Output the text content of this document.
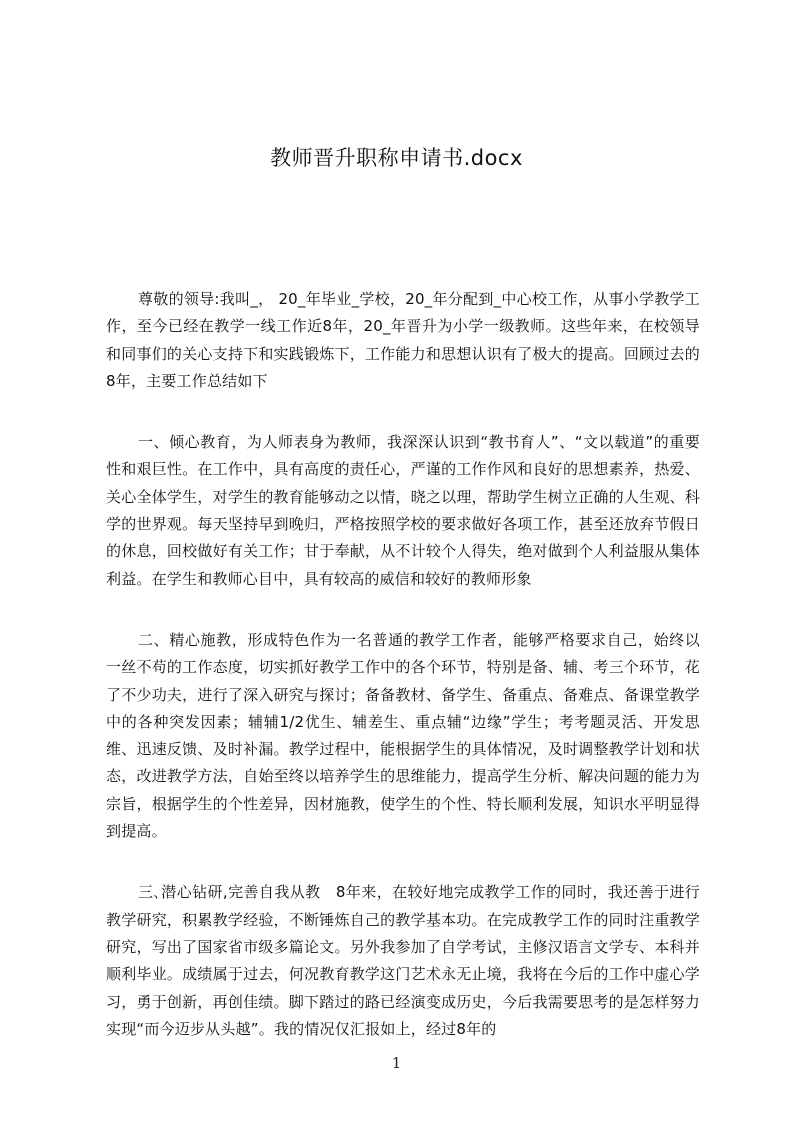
教师晋升职称申请书.docx

尊敬的领导:我叫_， 20_年毕业_学校，20_年分配到_中心校工作，从事小学教学工作，至今已经在教学一线工作近8年，20_年晋升为小学一级教师。这些年来，在校领导和同事们的关心支持下和实践锻炼下，工作能力和思想认识有了极大的提高。回顾过去的8年，主要工作总结如下

一、倾心教育，为人师表身为教师，我深深认识到“教书育人”、“文以载道”的重要性和艰巨性。在工作中，具有高度的责任心，严谨的工作作风和良好的思想素养，热爱、关心全体学生，对学生的教育能够动之以情，晓之以理，帮助学生树立正确的人生观、科学的世界观。每天坚持早到晚归，严格按照学校的要求做好各项工作，甚至还放弃节假日的休息，回校做好有关工作；甘于奉献，从不计较个人得失，绝对做到个人利益服从集体利益。在学生和教师心目中，具有较高的威信和较好的教师形象

二、精心施教，形成特色作为一名普通的教学工作者，能够严格要求自己，始终以一丝不苟的工作态度，切实抓好教学工作中的各个环节，特别是备、辅、考三个环节，花了不少功夫，进行了深入研究与探讨；备备教材、备学生、备重点、备难点、备课堂教学中的各种突发因素；辅辅1/2优生、辅差生、重点辅“边缘”学生；考考题灵活、开发思维、迅速反馈、及时补漏。教学过程中，能根据学生的具体情况，及时调整教学计划和状态，改进教学方法，自始至终以培养学生的思维能力，提高学生分析、解决问题的能力为宗旨，根据学生的个性差异，因材施教，使学生的个性、特长顺利发展，知识水平明显得到提高。

三､潜心钻研,完善自我从教　8年来，在较好地完成教学工作的同时，我还善于进行教学研究，积累教学经验，不断锤炼自己的教学基本功。在完成教学工作的同时注重教学研究，写出了国家省市级多篇论文。另外我参加了自学考试，主修汉语言文学专、本科并顺利毕业。成绩属于过去，何况教育教学这门艺术永无止境，我将在今后的工作中虚心学习，勇于创新，再创佳绩。脚下踏过的路已经演变成历史，今后我需要思考的是怎样努力实现“而今迈步从头越”。我的情况仅汇报如上，经过8年的

1
